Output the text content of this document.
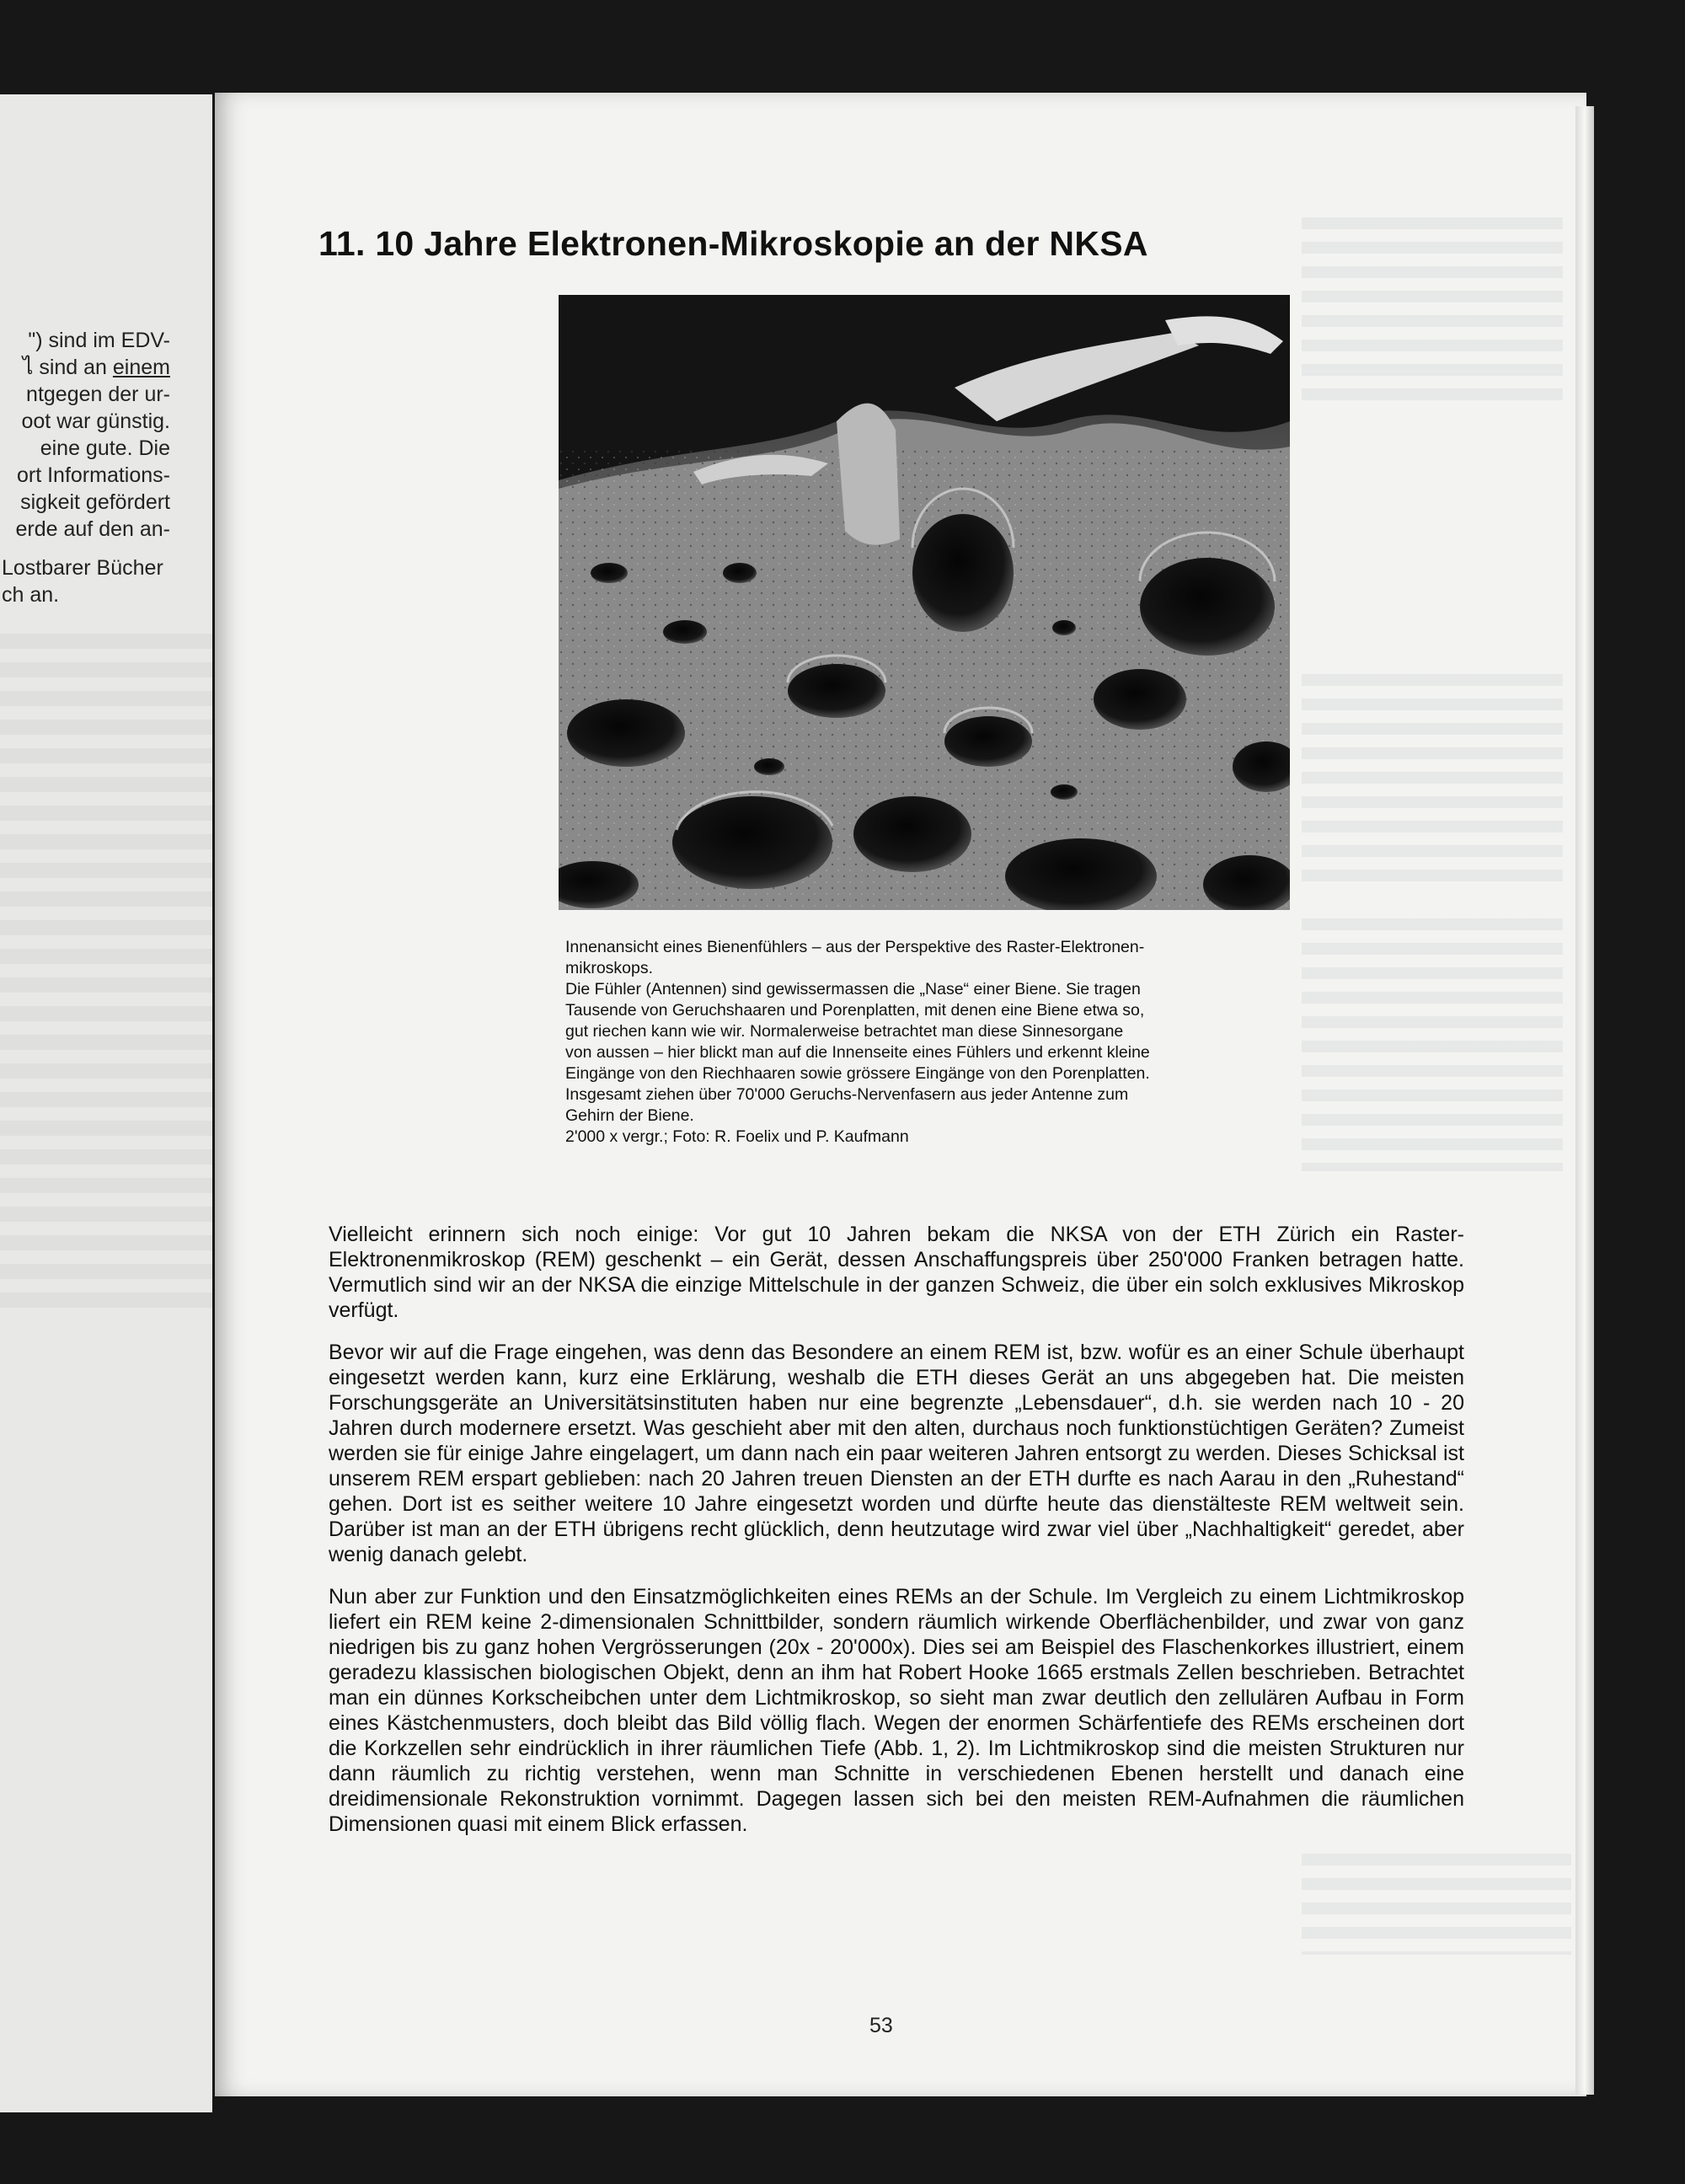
") sind im EDV-
ไ sind an einem
ntgegen der ur-
oot war günstig.
eine gute. Die
ort Informations-
sigkeit gefördert
erde auf den an-
Lostbarer Bücher
ch an.
11. 10 Jahre Elektronen-Mikroskopie an der NKSA
Innenansicht eines Bienenfühlers – aus der Perspektive des Raster-Elektronen-
mikroskops.
Die Fühler (Antennen) sind gewissermassen die „Nase“ einer Biene. Sie tragen
Tausende von Geruchshaaren und Porenplatten, mit denen eine Biene etwa so,
gut riechen kann wie wir. Normalerweise betrachtet man diese Sinnesorgane
von aussen – hier blickt man auf die Innenseite eines Fühlers und erkennt kleine
Eingänge von den Riechhaaren sowie grössere Eingänge von den Porenplatten.
Insgesamt ziehen über 70'000 Geruchs-Nervenfasern aus jeder Antenne zum
Gehirn der Biene.
2'000 x vergr.; Foto: R. Foelix und P. Kaufmann

Vielleicht erinnern sich noch einige: Vor gut 10 Jahren bekam die NKSA von der ETH Zürich ein Raster-Elektronenmikroskop (REM) geschenkt – ein Gerät, dessen Anschaffungspreis über 250'000 Franken betragen hatte. Vermutlich sind wir an der NKSA die einzige Mittelschule in der ganzen Schweiz, die über ein solch exklusives Mikroskop verfügt.

Bevor wir auf die Frage eingehen, was denn das Besondere an einem REM ist, bzw. wofür es an einer Schule überhaupt eingesetzt werden kann, kurz eine Erklärung, weshalb die ETH dieses Gerät an uns abgegeben hat. Die meisten Forschungsgeräte an Universitätsinstituten haben nur eine begrenzte „Lebensdauer“, d.h. sie werden nach 10 - 20 Jahren durch modernere ersetzt. Was geschieht aber mit den alten, durchaus noch funktionstüchtigen Geräten? Zumeist werden sie für einige Jahre eingelagert, um dann nach ein paar weiteren Jahren entsorgt zu werden. Dieses Schicksal ist unserem REM erspart geblieben: nach 20 Jahren treuen Diensten an der ETH durfte es nach Aarau in den „Ruhestand“ gehen. Dort ist es seither weitere 10 Jahre eingesetzt worden und dürfte heute das dienstälteste REM weltweit sein. Darüber ist man an der ETH übrigens recht glücklich, denn heutzutage wird zwar viel über „Nachhaltigkeit“ geredet, aber wenig danach gelebt.

Nun aber zur Funktion und den Einsatzmöglichkeiten eines REMs an der Schule. Im Vergleich zu einem Lichtmikroskop liefert ein REM keine 2-dimensionalen Schnittbilder, sondern räumlich wirkende Oberflächenbilder, und zwar von ganz niedrigen bis zu ganz hohen Vergrösserungen (20x - 20'000x). Dies sei am Beispiel des Flaschenkorkes illustriert, einem geradezu klassischen biologischen Objekt, denn an ihm hat Robert Hooke 1665 erstmals Zellen beschrieben. Betrachtet man ein dünnes Korkscheibchen unter dem Lichtmikroskop, so sieht man zwar deutlich den zellulären Aufbau in Form eines Kästchenmusters, doch bleibt das Bild völlig flach. Wegen der enormen Schärfentiefe des REMs erscheinen dort die Korkzellen sehr eindrücklich in ihrer räumlichen Tiefe (Abb. 1, 2). Im Lichtmikroskop sind die meisten Strukturen nur dann räumlich zu richtig verstehen, wenn man Schnitte in verschiedenen Ebenen herstellt und danach eine dreidimensionale Rekonstruktion vornimmt. Dagegen lassen sich bei den meisten REM-Aufnahmen die räumlichen Dimensionen quasi mit einem Blick erfassen.

53
